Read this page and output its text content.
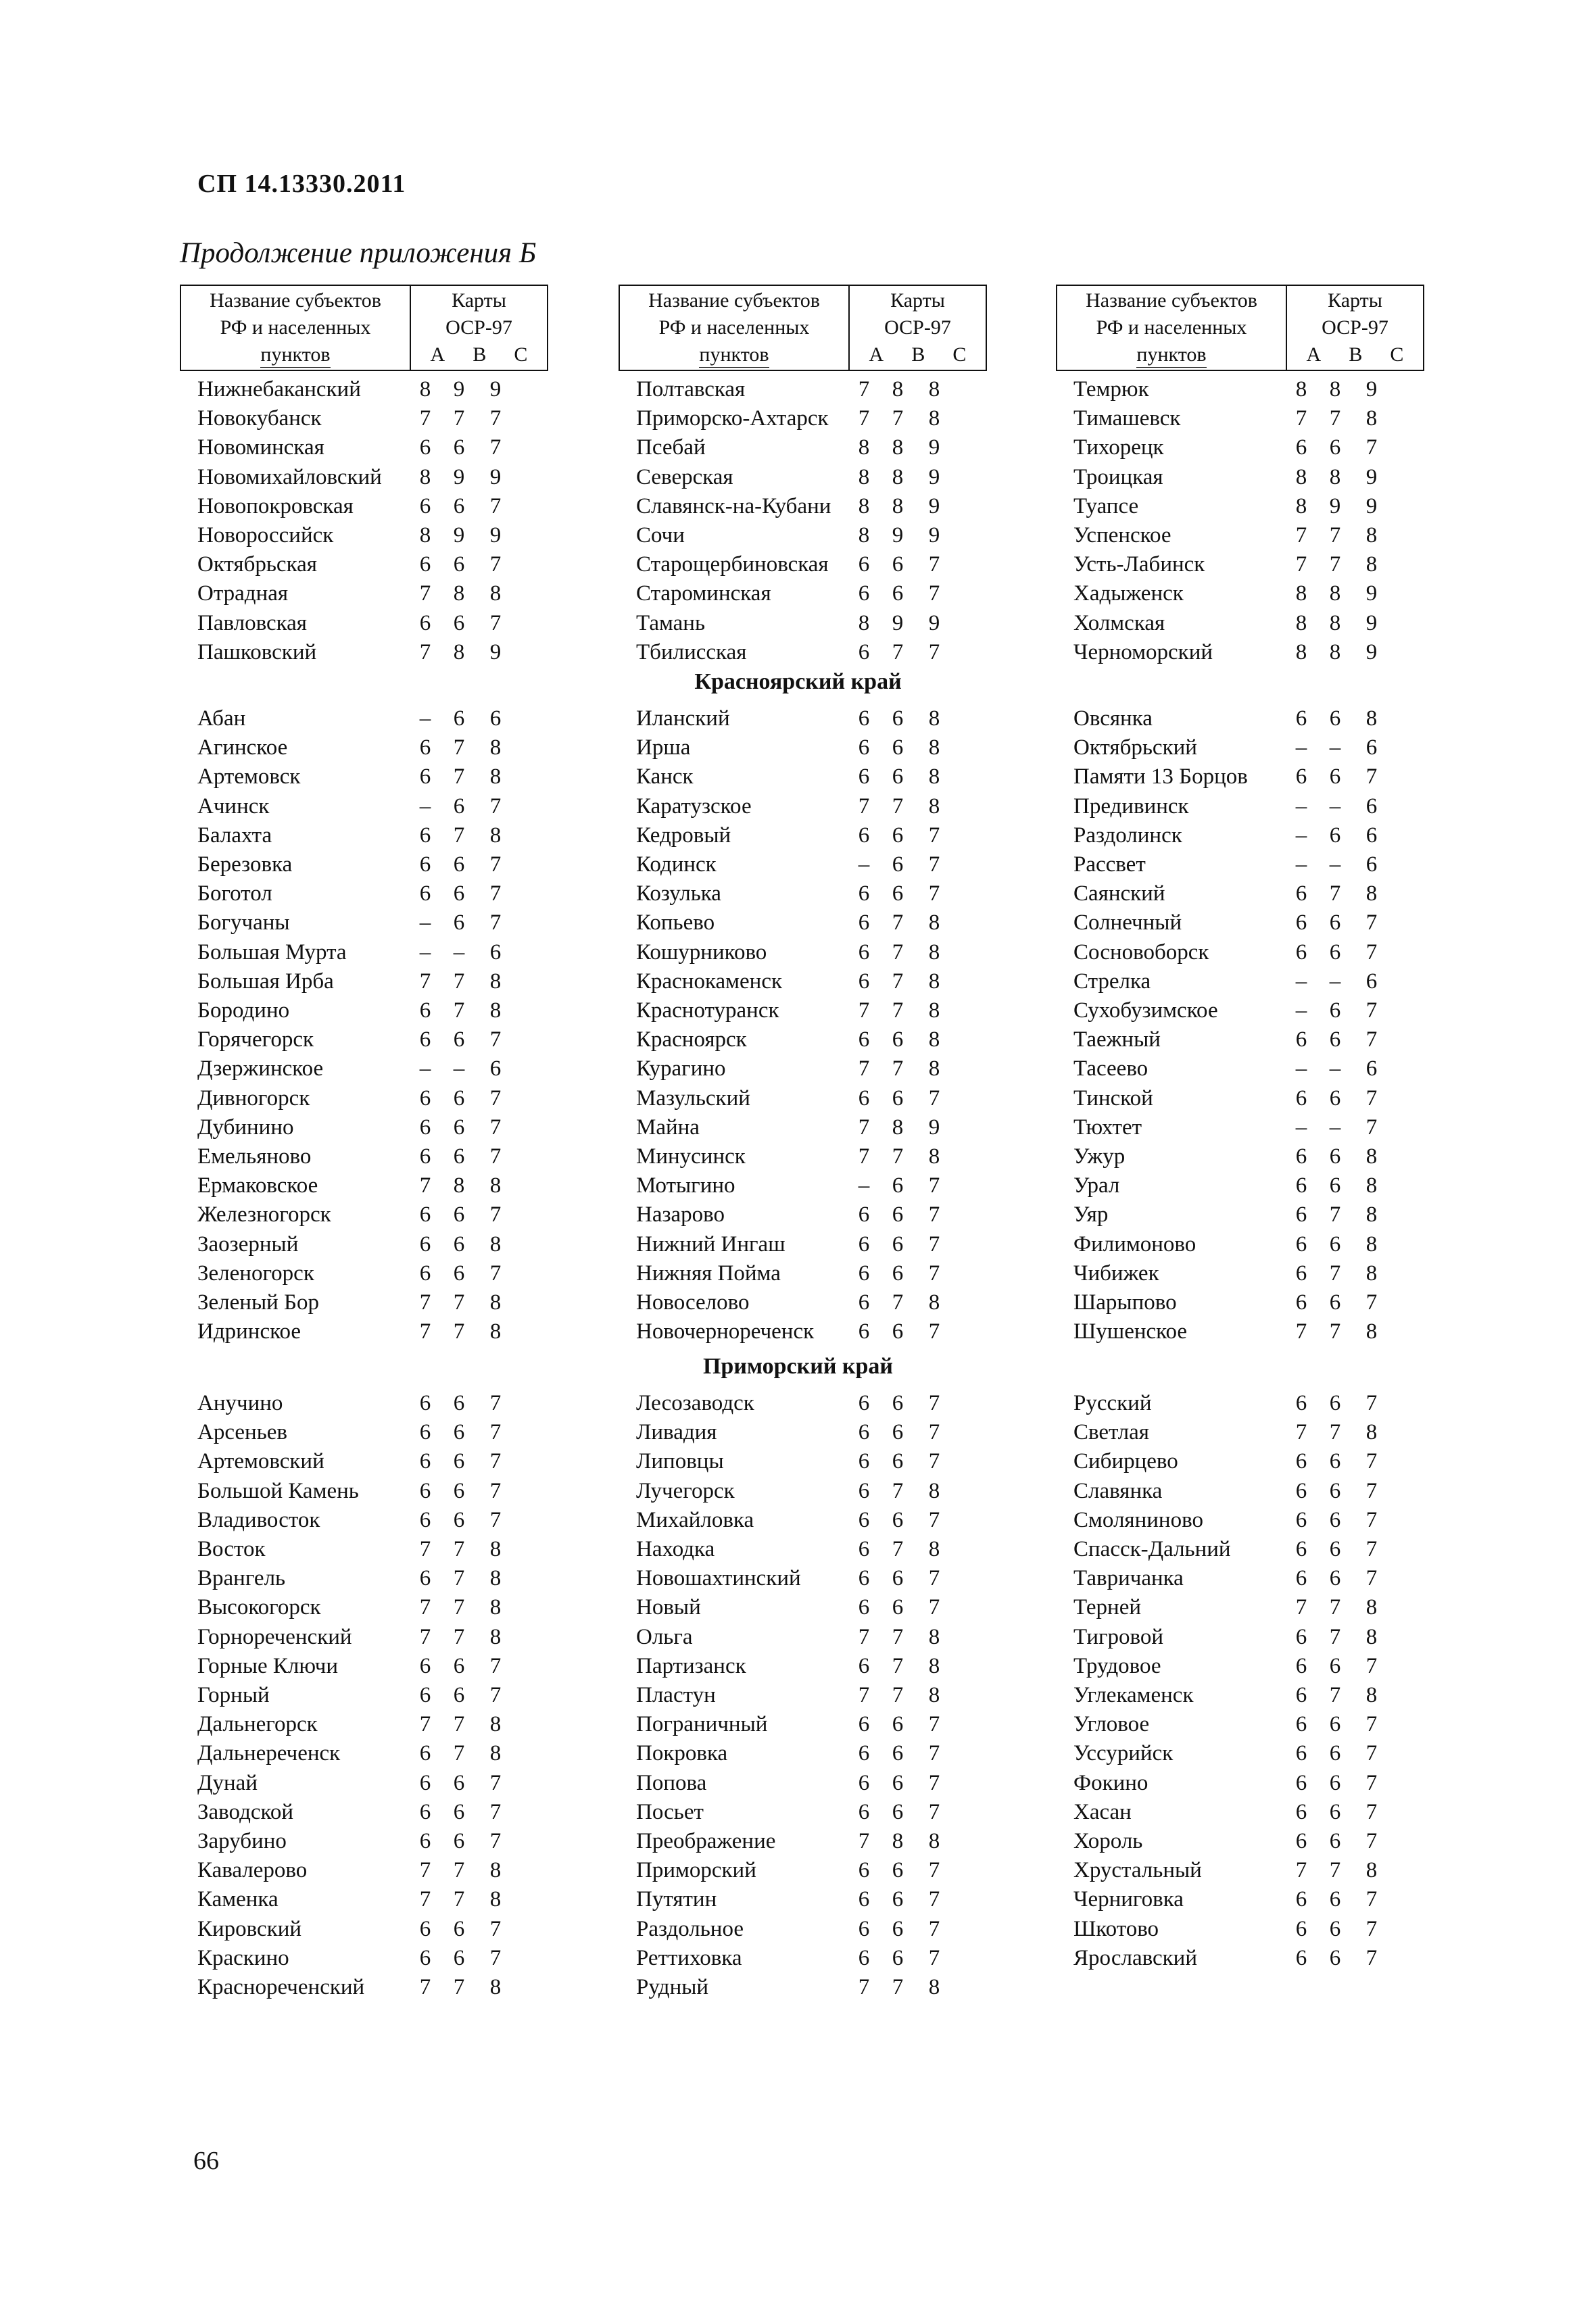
СП 14.13330.2011
Продолжение приложения Б
Название субъектов
РФ и населенных
пунктов
Карты
ОСР-97
A B C
Название субъектов
РФ и населенных
пунктов
Карты
ОСР-97
A B C
Название субъектов
РФ и населенных
пунктов
Карты
ОСР-97
A B C
Нижнебаканский	8 9 9
Новокубанск	7 7 7
Новоминская	6 6 7
Новомихайловский 8 9 9
Новопокровская	6 6 7
Новороссийск	8 9 9
Октябрьская	6 6 7
Отрадная	7 8 8
Павловская	6 6 7
Пашковский	7 8 9
Полтавская	7 8 8
Приморско-Ахтарск 7 7 8
Псебай	8 8 9
Северская	8 8 9
Славянск-на-Кубани 8 8 9
Сочи	8 9 9
Старощербиновская 6 6 7
Староминская	6 6 7
Тамань	8 9 9
Тбилисская	6 7 7
Темрюк	8 8 9
Тимашевск	7 7 8
Тихорецк	6 6 7
Троицкая	8 8 9
Туапсе	8 9 9
Успенское	7 7 8
Усть-Лабинск	7 7 8
Хадыженск	8 8 9
Холмская	8 8 9
Черноморский	8 8 9
Красноярский край
Абан	– 6 6
Агинское	6 7 8
Артемовск	6 7 8
Ачинск	– 6 7
Балахта	6 7 8
Березовка	6 6 7
Боготол	6 6 7
Богучаны	– 6 7
Большая Мурта	– – 6
Большая Ирба	7 7 8
Бородино	6 7 8
Горячегорск	6 6 7
Дзержинское	– – 6
Дивногорск	6 6 7
Дубинино	6 6 7
Емельяново	6 6 7
Ермаковское	7 8 8
Железногорск	6 6 7
Заозерный	6 6 8
Зеленогорск	6 6 7
Зеленый Бор	7 7 8
Идринское	7 7 8
Иланский	6 6 8
Ирша	6 6 8
Канск	6 6 8
Каратузское	7 7 8
Кедровый	6 6 7
Кодинск	– 6 7
Козулька	6 6 7
Копьево	6 7 8
Кошурниково	6 7 8
Краснокаменск	6 7 8
Краснотуранск	7 7 8
Красноярск	6 6 8
Курагино	7 7 8
Мазульский	6 6 7
Майна	7 8 9
Минусинск	7 7 8
Мотыгино	– 6 7
Назарово	6 6 7
Нижний Ингаш	6 6 7
Нижняя Пойма	6 6 7
Новоселово	6 7 8
Новочернореченск 6 6 7
Овсянка	6 6 8
Октябрьский	– – 6
Памяти 13 Борцов 6 6 7
Предивинск	– – 6
Раздолинск	– 6 6
Рассвет	– – 6
Саянский	6 7 8
Солнечный	6 6 7
Сосновоборск	6 6 7
Стрелка	– – 6
Сухобузимское	– 6 7
Таежный	6 6 7
Тасеево	– – 6
Тинской	6 6 7
Тюхтет	– – 7
Ужур	6 6 8
Урал	6 6 8
Уяр	6 7 8
Филимоново	6 6 8
Чибижек	6 7 8
Шарыпово	6 6 7
Шушенское	7 7 8
Приморский край
Анучино	6 6 7
Арсеньев	6 6 7
Артемовский	6 6 7
Большой Камень	6 6 7
Владивосток	6 6 7
Восток	7 7 8
Врангель	6 7 8
Высокогорск	7 7 8
Горнореченский	7 7 8
Горные Ключи	6 6 7
Горный	6 6 7
Дальнегорск	7 7 8
Дальнереченск	6 7 8
Дунай	6 6 7
Заводской	6 6 7
Зарубино	6 6 7
Кавалерово	7 7 8
Каменка	7 7 8
Кировский	6 6 7
Краскино	6 6 7
Краснореченский 7 7 8
Лесозаводск	6 6 7
Ливадия	6 6 7
Липовцы	6 6 7
Лучегорск	6 7 8
Михайловка	6 6 7
Находка	6 7 8
Новошахтинский	6 6 7
Новый	6 6 7
Ольга	7 7 8
Партизанск	6 7 8
Пластун	7 7 8
Пограничный	6 6 7
Покровка	6 6 7
Попова	6 6 7
Посьет	6 6 7
Преображение	7 8 8
Приморский	6 6 7
Путятин	6 6 7
Раздольное	6 6 7
Реттиховка	6 6 7
Рудный	7 7 8
Русский	6 6 7
Светлая	7 7 8
Сибирцево	6 6 7
Славянка	6 6 7
Смоляниново	6 6 7
Спасск-Дальний	6 6 7
Тавричанка	6 6 7
Терней	7 7 8
Тигровой	6 7 8
Трудовое	6 6 7
Углекаменск	6 7 8
Угловое	6 6 7
Уссурийск	6 6 7
Фокино	6 6 7
Хасан	6 6 7
Хороль	6 6 7
Хрустальный	7 7 8
Черниговка	6 6 7
Шкотово	6 6 7
Ярославский	6 6 7
66
